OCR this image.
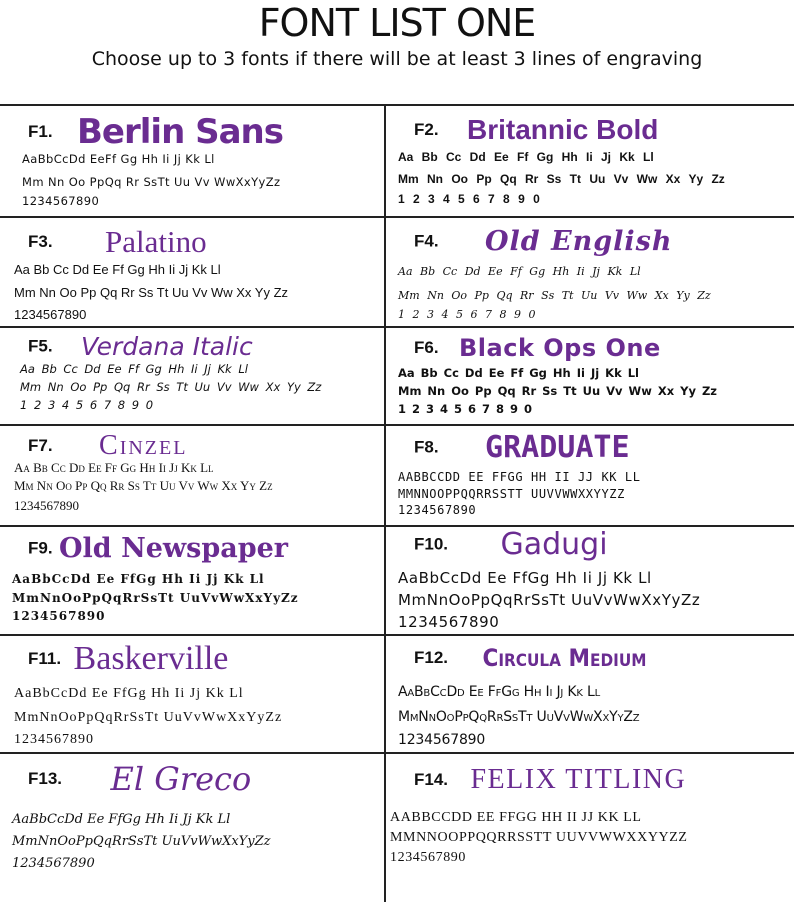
FONT LIST ONE
Choose up to 3 fonts if there will be at least 3 lines of engraving
F1. Berlin Sans
AaBbCcDd EeFf Gg Hh Ii Jj Kk Ll
Mm Nn Oo PpQq Rr SsTt Uu Vv WwXxYyZz
1234567890
F2. Britannic Bold
Aa Bb Cc Dd Ee Ff Gg Hh Ii Jj Kk Ll
Mm Nn Oo Pp Qq Rr Ss Tt Uu Vv Ww Xx Yy Zz
1 2 3 4 5 6 7 8 9 0
F3. Palatino
Aa Bb Cc Dd Ee Ff Gg Hh Ii Jj Kk Ll
Mm Nn Oo Pp Qq Rr Ss Tt Uu Vv Ww Xx Yy Zz
1234567890
F4. Old English
Aa Bb Cc Dd Ee Ff Gg Hh Ii Jj Kk Ll
Mm Nn Oo Pp Qq Rr Ss Tt Uu Vv Ww Xx Yy Zz
1 2 3 4 5 6 7 8 9 0
F5. Verdana Italic
Aa Bb Cc Dd Ee Ff Gg Hh Ii Jj Kk Ll
Mm Nn Oo Pp Qq Rr Ss Tt Uu Vv Ww Xx Yy Zz
1 2 3 4 5 6 7 8 9 0
F6. Black Ops One
Aa Bb Cc Dd Ee Ff Gg Hh Ii Jj Kk Ll
Mm Nn Oo Pp Qq Rr Ss Tt Uu Vv Ww Xx Yy Zz
1 2 3 4 5 6 7 8 9 0
F7. Cinzel
Aa Bb Cc Dd Ee Ff Gg Hh Ii Jj Kk Ll
Mm Nn Oo Pp Qq Rr Ss Tt Uu Vv Ww Xx Yy Zz
1234567890
F8. GRADUATE
AABBCCDD EE FFGG HH II JJ KK LL
MMNNOOPPQQRRSSTT UUVVWWXXYYZZ
1234567890
F9. Old Newspaper
AaBbCcDd Ee FfGg Hh Ii Jj Kk Ll
MmNnOoPpQqRrSsTt UuVvWwXxYyZz
1234567890
F10. Gadugi
AaBbCcDd Ee FfGg Hh Ii Jj Kk Ll
MmNnOoPpQqRrSsTt UuVvWwXxYyZz
1234567890
F11. Baskerville
AaBbCcDd Ee FfGg Hh Ii Jj Kk Ll
MmNnOoPpQqRrSsTt UuVvWwXxYyZz
1234567890
F12. Circula Medium
AaBbCcDd Ee FfGg Hh Ii Jj Kk Ll
MmNnOoPpQqRrSsTt UuVvWwXxYyZz
1234567890
F13. El Greco
AaBbCcDd Ee FfGg Hh Ii Jj Kk Ll
MmNnOoPpQqRrSsTt UuVvWwXxYyZz
1234567890
F14. FELIX TITLING
AABBCCDD EE FFGG HH II JJ KK LL
MMNNOOPPQQRRSSTT UUVVWWXXYYZZ
1234567890
